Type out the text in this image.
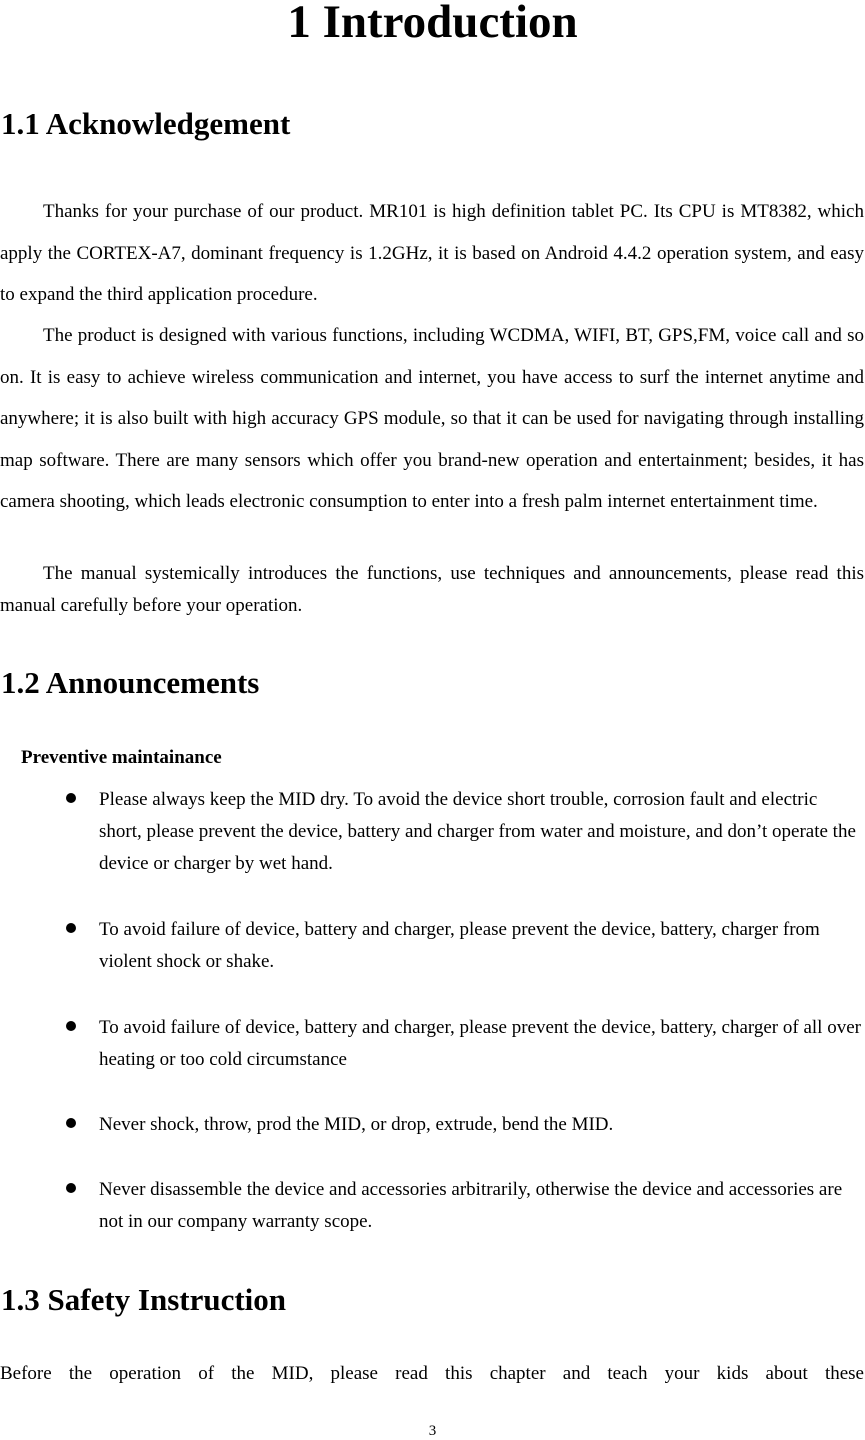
1 Introduction
1.1 Acknowledgement

Thanks for your purchase of our product. MR101 is high definition tablet PC. Its CPU is MT8382, which apply the CORTEX-A7, dominant frequency is 1.2GHz, it is based on Android 4.4.2 operation system, and easy to expand the third application procedure.

The product is designed with various functions, including WCDMA, WIFI, BT, GPS,FM, voice call and so on. It is easy to achieve wireless communication and internet, you have access to surf the internet anytime and anywhere; it is also built with high accuracy GPS module, so that it can be used for navigating through installing map software. There are many sensors which offer you brand-new operation and entertainment; besides, it has camera shooting, which leads electronic consumption to enter into a fresh palm internet entertainment time.

The manual systemically introduces the functions, use techniques and announcements, please read this manual carefully before your operation.

1.2 Announcements
Preventive maintainance

Please always keep the MID dry. To avoid the device short trouble, corrosion fault and electric short, please prevent the device, battery and charger from water and moisture, and don’t operate the device or charger by wet hand.

To avoid failure of device, battery and charger, please prevent the device, battery, charger from violent shock or shake.

To avoid failure of device, battery and charger, please prevent the device, battery, charger of all over heating or too cold circumstance

Never shock, throw, prod the MID, or drop, extrude, bend the MID.

Never disassemble the device and accessories arbitrarily, otherwise the device and accessories are not in our company warranty scope.

1.3 Safety Instruction

Before the operation of the MID, please read this chapter and teach your kids about these

3
